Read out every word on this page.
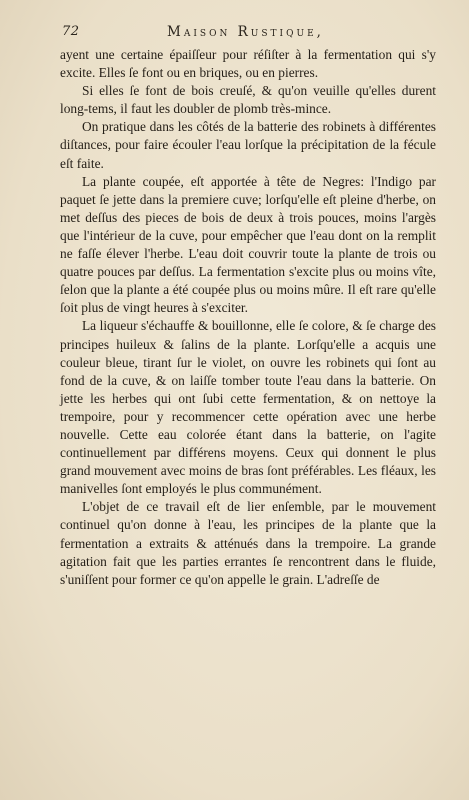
72	Maison Rustique,

ayent une certaine épaiſſeur pour réſiſter à la fermentation qui s'y excite. Elles ſe font ou en briques, ou en pierres.

Si elles ſe font de bois creuſé, & qu'on veuille qu'elles durent long-tems, il faut les doubler de plomb très-mince.

On pratique dans les côtés de la batterie des robinets à différentes diſtances, pour faire écouler l'eau lorſque la précipitation de la fécule eſt faite.

La plante coupée, eſt apportée à tête de Negres: l'Indigo par paquet ſe jette dans la premiere cuve; lorſqu'elle eſt pleine d'herbe, on met deſſus des pieces de bois de deux à trois pouces, moins l'argès que l'intérieur de la cuve, pour empêcher que l'eau dont on la remplit ne faſſe élever l'herbe. L'eau doit couvrir toute la plante de trois ou quatre pouces par deſſus. La fermentation s'excite plus ou moins vîte, ſelon que la plante a été coupée plus ou moins mûre. Il eſt rare qu'elle ſoit plus de vingt heures à s'exciter.

La liqueur s'échauffe & bouillonne, elle ſe colore, & ſe charge des principes huileux & ſalins de la plante. Lorſqu'elle a acquis une couleur bleue, tirant ſur le violet, on ouvre les robinets qui ſont au fond de la cuve, & on laiſſe tomber toute l'eau dans la batterie. On jette les herbes qui ont ſubi cette fermentation, & on nettoye la trempoire, pour y recommencer cette opération avec une herbe nouvelle. Cette eau colorée étant dans la batterie, on l'agite continuellement par différens moyens. Ceux qui donnent le plus grand mouvement avec moins de bras ſont préférables. Les fléaux, les manivelles ſont employés le plus communément.

L'objet de ce travail eſt de lier enſemble, par le mouvement continuel qu'on donne à l'eau, les principes de la plante que la fermentation a extraits & atténués dans la trempoire. La grande agitation fait que les parties errantes ſe rencontrent dans le fluide, s'uniſſent pour former ce qu'on appelle le grain. L'adreſſe de
